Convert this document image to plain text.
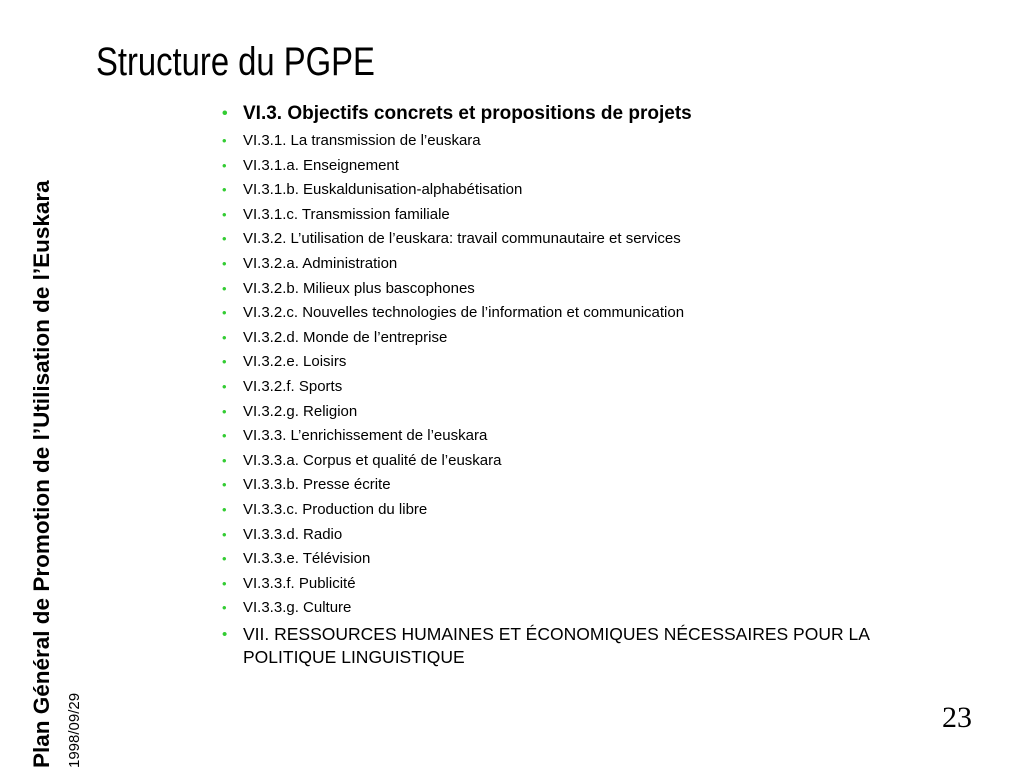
Plan Général de Promotion de l’Utilisation de l’Euskara 1998/09/29
Structure du PGPE
• VI.3. Objectifs concrets et propositions de projets
• VI.3.1. La transmission de l’euskara
• VI.3.1.a. Enseignement
• VI.3.1.b. Euskaldunisation-alphabétisation
• VI.3.1.c. Transmission familiale
• VI.3.2. L’utilisation de l’euskara: travail communautaire et services
• VI.3.2.a. Administration
• VI.3.2.b. Milieux plus bascophones
• VI.3.2.c. Nouvelles technologies de l’information et communication
• VI.3.2.d. Monde de l’entreprise
• VI.3.2.e. Loisirs
• VI.3.2.f. Sports
• VI.3.2.g. Religion
• VI.3.3. L’enrichissement de l’euskara
• VI.3.3.a. Corpus et qualité de l’euskara
• VI.3.3.b. Presse écrite
• VI.3.3.c. Production du libre
• VI.3.3.d. Radio
• VI.3.3.e. Télévision
• VI.3.3.f. Publicité
• VI.3.3.g. Culture
• VII. RESSOURCES HUMAINES ET ÉCONOMIQUES NÉCESSAIRES POUR LA POLITIQUE LINGUISTIQUE
23
